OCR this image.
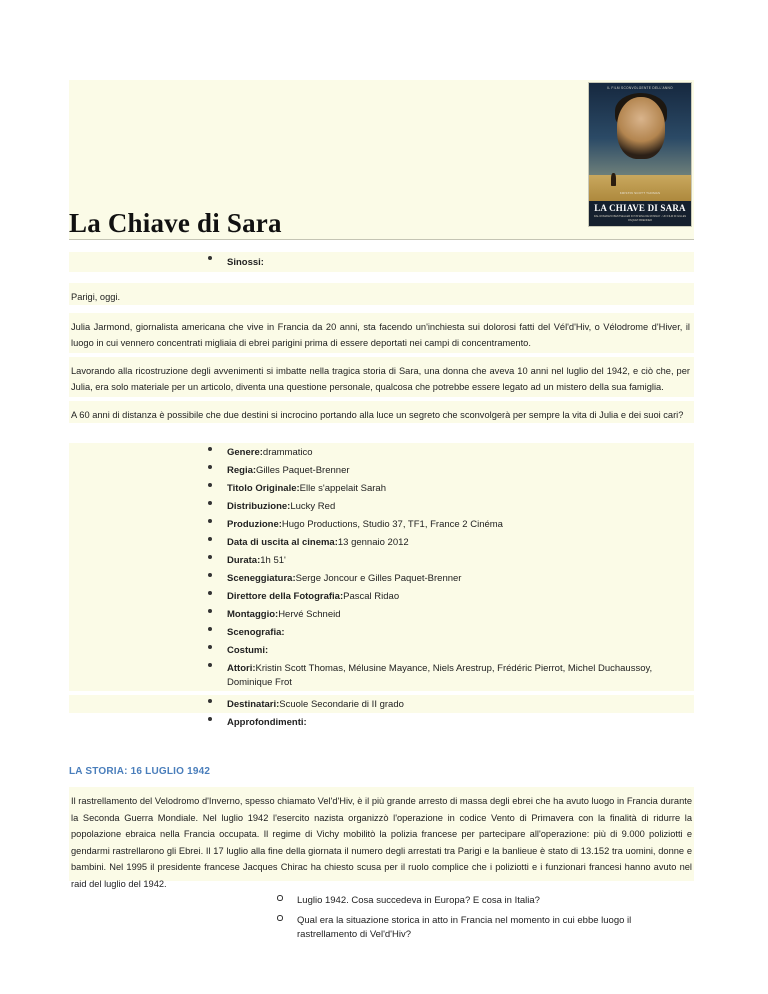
IL FILM SCONVOLGENTE DELL'ANNO
KRISTIN SCOTT THOMAS
LA CHIAVE DI SARA
DAL ROMANZO BESTSELLER DI TATIANA DE ROSNAY - UN FILM DI GILLES PAQUET-BRENNER
La Chiave di Sara
Sinossi:
Parigi, oggi.
Julia Jarmond, giornalista americana che vive in Francia da 20 anni, sta facendo un'inchiesta sui dolorosi fatti del Vél'd'Hiv, o Vélodrome d'Hiver, il luogo in cui vennero concentrati migliaia di ebrei parigini prima di essere deportati nei campi di concentramento.
Lavorando alla ricostruzione degli avvenimenti si imbatte nella tragica storia di Sara, una donna che aveva 10 anni nel luglio del 1942, e ciò che, per Julia, era solo materiale per un articolo, diventa una questione personale, qualcosa che potrebbe essere legato ad un mistero della sua famiglia.
A 60 anni di distanza è possibile che due destini si incrocino portando alla luce un segreto che sconvolgerà per sempre la vita di Julia e dei suoi cari?
Genere:drammatico
Regia:Gilles Paquet-Brenner
Titolo Originale:Elle s'appelait Sarah
Distribuzione:Lucky Red
Produzione:Hugo Productions, Studio 37, TF1, France 2 Cinéma
Data di uscita al cinema:13 gennaio 2012
Durata:1h 51'
Sceneggiatura:Serge Joncour e Gilles Paquet-Brenner
Direttore della Fotografia:Pascal Ridao
Montaggio:Hervé Schneid
Scenografia:
Costumi:
Attori:Kristin Scott Thomas, Mélusine Mayance, Niels Arestrup, Frédéric Pierrot, Michel Duchaussoy, Dominique Frot
Destinatari:Scuole Secondarie di II grado
Approfondimenti:
LA STORIA: 16 LUGLIO 1942
Il rastrellamento del Velodromo d'Inverno, spesso chiamato Vel'd'Hiv, è il più grande arresto di massa degli ebrei che ha avuto luogo in Francia durante la Seconda Guerra Mondiale. Nel luglio 1942 l'esercito nazista organizzò l'operazione in codice Vento di Primavera con la finalità di ridurre la popolazione ebraica nella Francia occupata. Il regime di Vichy mobilitò la polizia francese per partecipare all'operazione: più di 9.000 poliziotti e gendarmi rastrellarono gli Ebrei. Il 17 luglio alla fine della giornata il numero degli arrestati tra Parigi e la banlieue è stato di 13.152 tra uomini, donne e bambini. Nel 1995 il presidente francese Jacques Chirac ha chiesto scusa per il ruolo complice che i poliziotti e i funzionari francesi hanno avuto nel raid del luglio del 1942.
Luglio 1942. Cosa succedeva in Europa? E cosa in Italia?
Qual era la situazione storica in atto in Francia nel momento in cui ebbe luogo il rastrellamento di Vel'd'Hiv?
